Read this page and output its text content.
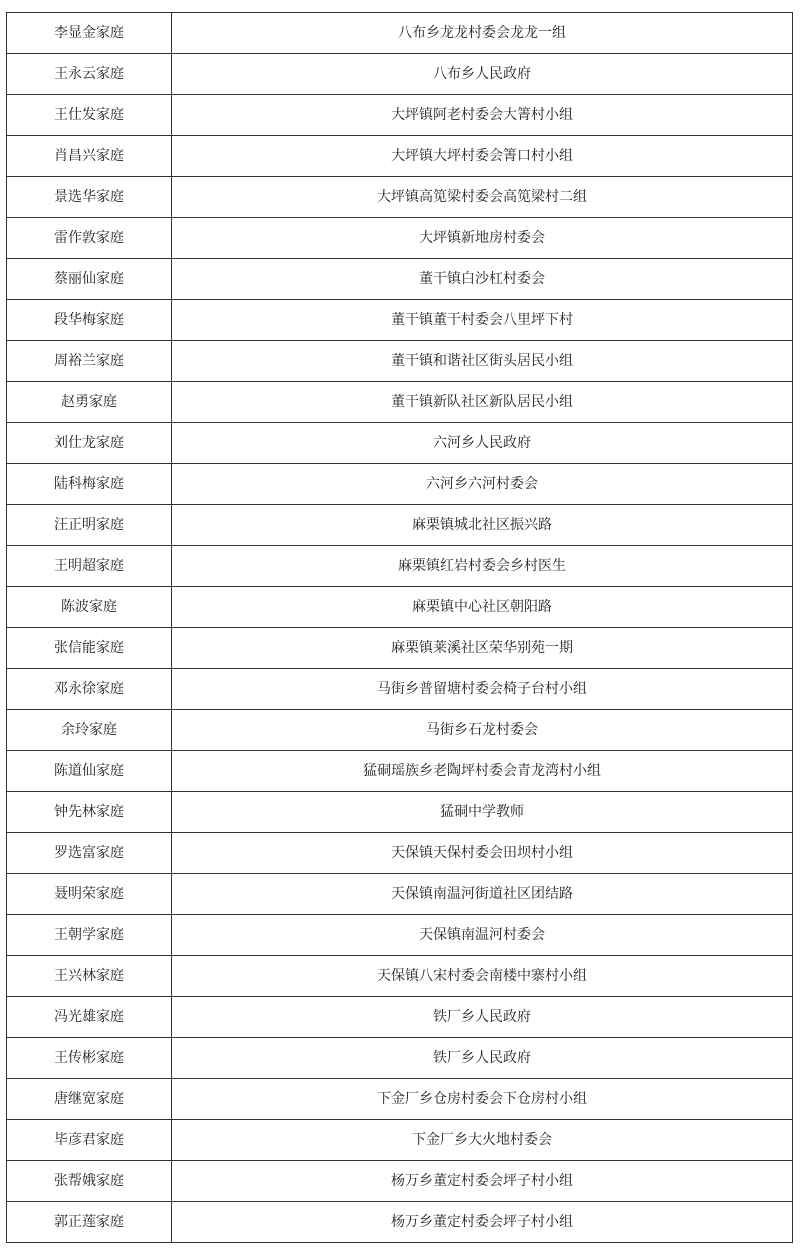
李显金家庭	八布乡龙龙村委会龙龙一组
王永云家庭	八布乡人民政府
王仕发家庭	大坪镇阿老村委会大箐村小组
肖昌兴家庭	大坪镇大坪村委会箐口村小组
景选华家庭	大坪镇高笕梁村委会高笕梁村二组
雷作敦家庭	大坪镇新地房村委会
蔡丽仙家庭	董干镇白沙杠村委会
段华梅家庭	董干镇董干村委会八里坪下村
周裕兰家庭	董干镇和谐社区街头居民小组
赵勇家庭	董干镇新队社区新队居民小组
刘仕龙家庭	六河乡人民政府
陆科梅家庭	六河乡六河村委会
汪正明家庭	麻栗镇城北社区振兴路
王明超家庭	麻栗镇红岩村委会乡村医生
陈波家庭	麻栗镇中心社区朝阳路
张信能家庭	麻栗镇莱溪社区荣华别苑一期
邓永徐家庭	马街乡普留塘村委会椅子台村小组
余玲家庭	马街乡石龙村委会
陈道仙家庭	猛硐瑶族乡老陶坪村委会青龙湾村小组
钟先林家庭	猛硐中学教师
罗选富家庭	天保镇天保村委会田坝村小组
聂明荣家庭	天保镇南温河街道社区团结路
王朝学家庭	天保镇南温河村委会
王兴林家庭	天保镇八宋村委会南楼中寨村小组
冯光雄家庭	铁厂乡人民政府
王传彬家庭	铁厂乡人民政府
唐继宽家庭	下金厂乡仓房村委会下仓房村小组
毕彦君家庭	下金厂乡大火地村委会
张帮娥家庭	杨万乡董定村委会坪子村小组
郭正莲家庭	杨万乡董定村委会坪子村小组
